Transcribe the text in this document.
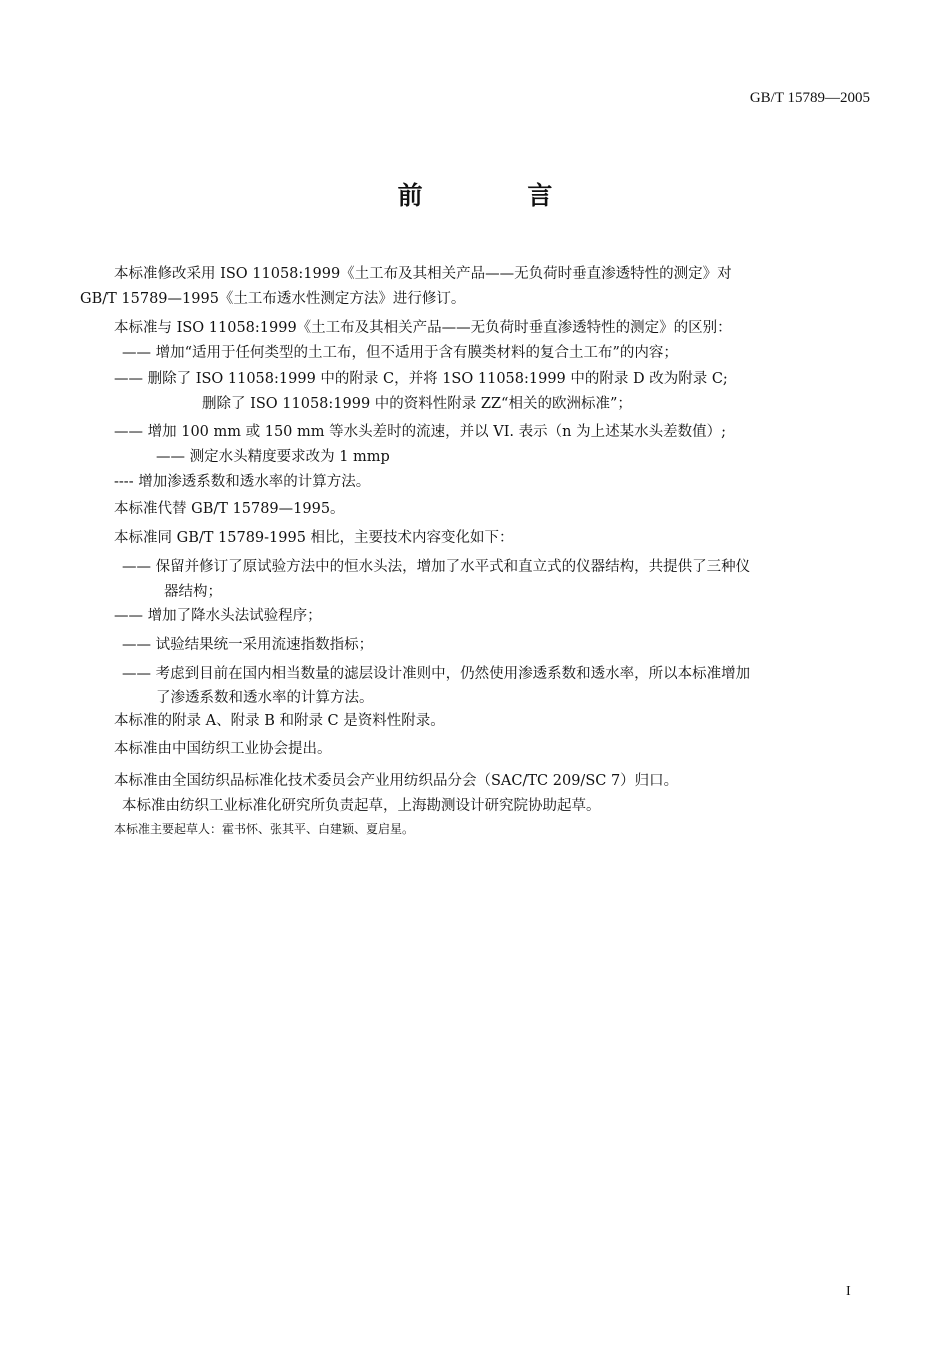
GB/T 15789—2005
前 言
本标准修改采用 ISO 11058:1999《土工布及其相关产品——无负荷时垂直渗透特性的测定》对
GB/T 15789—1995《土工布透水性测定方法》进行修订。
本标准与 ISO 11058:1999《土工布及其相关产品——无负荷时垂直渗透特性的测定》的区别：
—— 增加“适用于任何类型的土工布，但不适用于含有膜类材料的复合土工布”的内容；
—— 删除了 ISO 11058:1999 中的附录 C，并将 1SO 11058:1999 中的附录 D 改为附录 C;
删除了 ISO 11058:1999 中的资料性附录 ZZ“相关的欧洲标准”；
—— 增加 100 mm 或 150 mm 等水头差时的流速，并以 VI. 表示（n 为上述某水头差数值）;
—— 测定水头精度要求改为 1 mmp
---- 增加渗透系数和透水率的计算方法。
本标准代替 GB/T 15789—1995。
本标准同 GB/T 15789-1995 相比，主要技术内容变化如下：
—— 保留并修订了原试验方法中的恒水头法，增加了水平式和直立式的仪器结构，共提供了三种仪
器结构；
—— 增加了降水头法试验程序；
—— 试验结果统一采用流速指数指标；
—— 考虑到目前在国内相当数量的滤层设计准则中，仍然使用渗透系数和透水率，所以本标准增加
了渗透系数和透水率的计算方法。
本标准的附录 A、附录 B 和附录 C 是资料性附录。
本标准由中国纺织工业协会提出。
本标准由全国纺织品标准化技术委员会产业用纺织品分会（SAC/TC 209/SC 7）归口。
本标准由纺织工业标准化研究所负责起草，上海勘测设计研究院协助起草。
本标准主要起草人：霍书怀、张其平、白建颖、夏启星。
I
